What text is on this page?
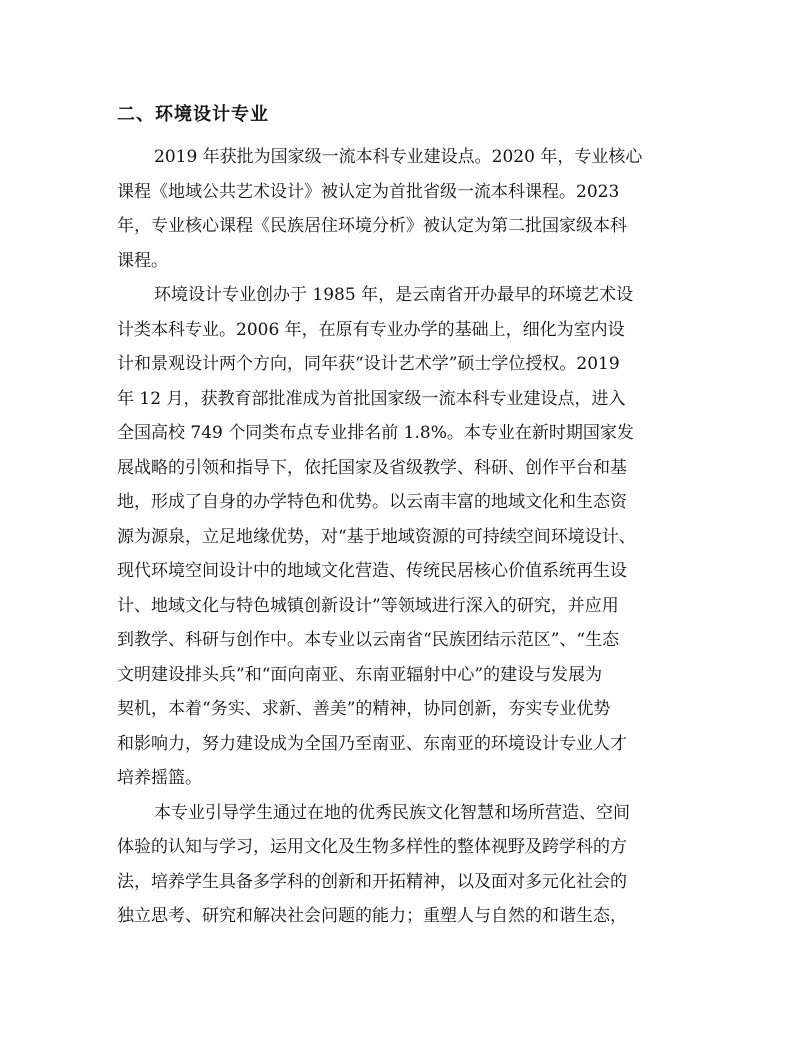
二、环境设计专业

2019 年获批为国家级一流本科专业建设点。2020 年，专业核心
课程《地域公共艺术设计》被认定为首批省级一流本科课程。2023
年，专业核心课程《民族居住环境分析》被认定为第二批国家级本科
课程。

环境设计专业创办于 1985 年，是云南省开办最早的环境艺术设
计类本科专业。2006 年，在原有专业办学的基础上，细化为室内设
计和景观设计两个方向，同年获“设计艺术学”硕士学位授权。2019
年 12 月，获教育部批准成为首批国家级一流本科专业建设点，进入
全国高校 749 个同类布点专业排名前 1.8%。本专业在新时期国家发
展战略的引领和指导下，依托国家及省级教学、科研、创作平台和基
地，形成了自身的办学特色和优势。以云南丰富的地域文化和生态资
源为源泉，立足地缘优势，对“基于地域资源的可持续空间环境设计、
现代环境空间设计中的地域文化营造、传统民居核心价值系统再生设
计、地域文化与特色城镇创新设计”等领域进行深入的研究，并应用
到教学、科研与创作中。本专业以云南省“民族团结示范区”、“生态
文明建设排头兵”和“面向南亚、东南亚辐射中心”的建设与发展为
契机，本着“务实、求新、善美”的精神，协同创新，夯实专业优势
和影响力，努力建设成为全国乃至南亚、东南亚的环境设计专业人才
培养摇篮。

本专业引导学生通过在地的优秀民族文化智慧和场所营造、空间
体验的认知与学习，运用文化及生物多样性的整体视野及跨学科的方
法，培养学生具备多学科的创新和开拓精神，以及面对多元化社会的
独立思考、研究和解决社会问题的能力；重塑人与自然的和谐生态，
